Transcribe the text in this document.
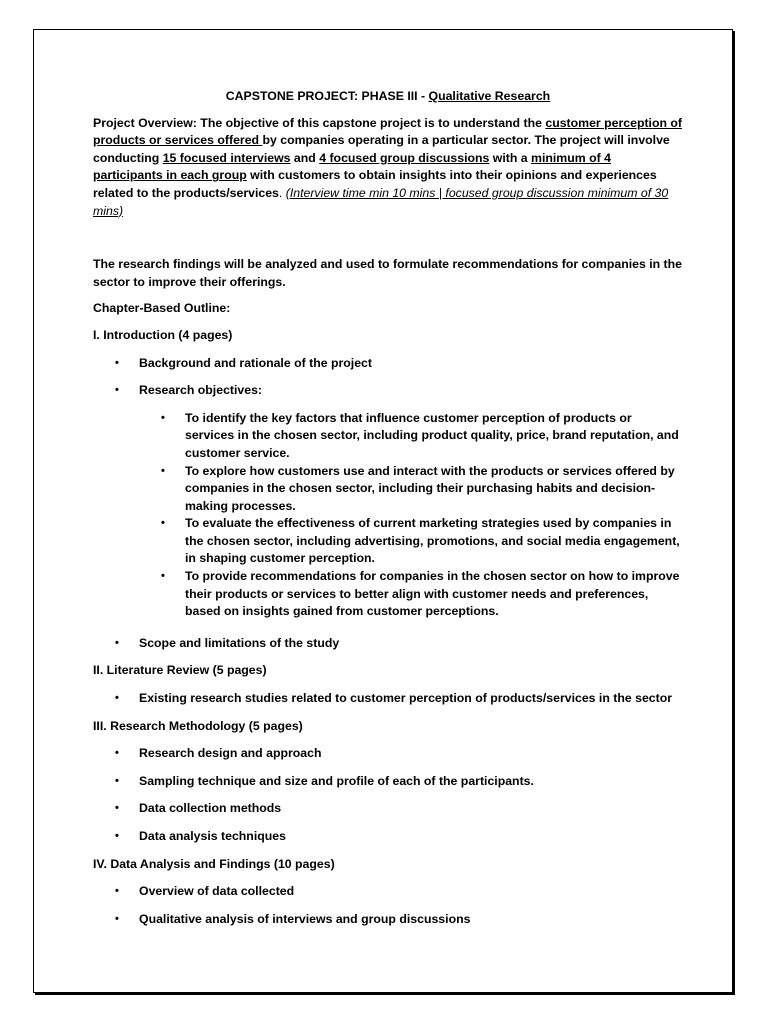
CAPSTONE PROJECT: PHASE III - Qualitative Research

Project Overview: The objective of this capstone project is to understand the customer perception of products or services offered by companies operating in a particular sector. The project will involve conducting 15 focused interviews and 4 focused group discussions with a minimum of 4 participants in each group with customers to obtain insights into their opinions and experiences related to the products/services. (Interview time min 10 mins | focused group discussion minimum of 30 mins)

The research findings will be analyzed and used to formulate recommendations for companies in the sector to improve their offerings.

Chapter-Based Outline:

I. Introduction (4 pages)

• Background and rationale of the project
• Research objectives:
• To identify the key factors that influence customer perception of products or services in the chosen sector, including product quality, price, brand reputation, and customer service.
• To explore how customers use and interact with the products or services offered by companies in the chosen sector, including their purchasing habits and decision-making processes.
• To evaluate the effectiveness of current marketing strategies used by companies in the chosen sector, including advertising, promotions, and social media engagement, in shaping customer perception.
• To provide recommendations for companies in the chosen sector on how to improve their products or services to better align with customer needs and preferences, based on insights gained from customer perceptions.
• Scope and limitations of the study

II. Literature Review (5 pages)

• Existing research studies related to customer perception of products/services in the sector

III. Research Methodology (5 pages)

• Research design and approach
• Sampling technique and size and profile of each of the participants.
• Data collection methods
• Data analysis techniques

IV. Data Analysis and Findings (10 pages)

• Overview of data collected
• Qualitative analysis of interviews and group discussions
